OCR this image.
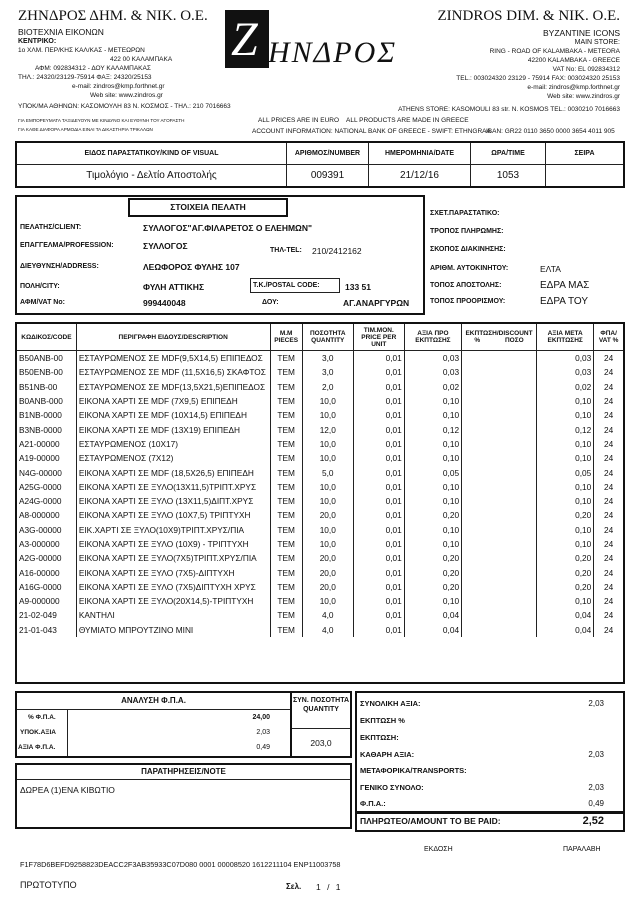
ΖΗΝΔΡΟΣ ΔΗΜ. & ΝΙΚ. Ο.Ε.
ΒΙΟΤΕΧΝΙΑ ΕΙΚΟΝΩΝ
ΚΕΝΤΡΙΚΟ:
1ο ΧΛΜ. ΠΕΡ/ΚΗΣ ΚΑΛ/ΚΑΣ - ΜΕΤΕΩΡΩΝ
422 00 ΚΑΛΑΜΠΑΚΑ
ΑΦΜ: 092834312 - ΔΟΥ ΚΑΛΑΜΠΑΚΑΣ
ΤΗΛ.: 24320/23129-75914 ΦΑΞ: 24320/25153
e-mail: zindros@kmp.forthnet.gr
Web site: www.zindros.gr
ΥΠΟΚ/ΜΑ ΑΘΗΝΩΝ: ΚΑΣΟΜΟΥΛΗ 83 Ν. ΚΟΣΜΟΣ - ΤΗΛ.: 210 7016663
ΓΙΑ ΕΜΠΟΡΕΥΜΑΤΑ ΤΑΞΙΔΕΥΟΥΝ ΜΕ ΚΙΝΔΥΝΟ ΚΑΙ ΕΥΘΥΝΗ ΤΟΥ ΑΓΟΡΑΣΤΗ
ΓΙΑ ΚΑΘΕ ΔΙΑΦΟΡΑ ΑΡΜΟΔΙΑ ΕΙΝΑΙ ΤΑ ΔΙΚΑΣΤΗΡΙΑ ΤΡΙΚΑΛΩΝ
Ζ ΗΝΔΡΟΣ
ZINDROS DIM. & NIK. O.E.
BYZANTINE ICONS
MAIN STORE:
RING - ROAD OF KALAMBAKA - METEORA
42200 KALAMBAKA - GREECE
VAT No: EL 092834312
TEL.: 003024320 23129 - 75914 FAX: 003024320 25153
e-mail: zindros@kmp.forthnet.gr
Web site: www.zindros.gr
ATHENS STORE: KASOMOULI 83 str. N. KOSMOS TEL.: 0030210 7016663
ALL PRICES ARE IN EURO ALL PRODUCTS ARE MADE IN GREECE
ACCOUNT INFORMATION: NATIONAL BANK OF GREECE - SWIFT: ETHNGRAA
IBAN: GR22 0110 3650 0000 3654 4011 905
ΕΙΔΟΣ ΠΑΡΑΣΤΑΤΙΚΟΥ/KIND OF VISUAL	ΑΡΙΘΜΟΣ/NUMBER	ΗΜΕΡΟΜΗΝΙΑ/DATE	ΩΡΑ/TIME	ΣΕΙΡΑ
Τιμολόγιο - Δελτίο Αποστολής	009391	21/12/16	1053
ΣΤΟΙΧΕΙΑ ΠΕΛΑΤΗ
ΠΕΛΑΤΗΣ/CLIENT:	ΣΥΛΛΟΓΟΣ"ΑΓ.ΦΙΛΑΡΕΤΟΣ Ο ΕΛΕΗΜΩΝ"
ΕΠΑΓΓΕΛΜΑ/PROFESSION:	ΣΥΛΛΟΓΟΣ	ΤΗΛ-TEL: 210/2412162
ΔΙΕΥΘΥΝΣΗ/ADDRESS:	ΛΕΩΦΟΡΟΣ ΦΥΛΗΣ 107
ΠΟΛΗ/CITY:	ΦΥΛΗ ΑΤΤΙΚΗΣ	Τ.Κ./POSTAL CODE:	133 51
ΑΦΜ/VAT No:	999440048	ΔΟΥ:	ΑΓ.ΑΝΑΡΓΥΡΩΝ
ΣΧΕΤ.ΠΑΡΑΣΤΑΤΙΚΟ:
ΤΡΟΠΟΣ ΠΛΗΡΩΜΗΣ:
ΣΚΟΠΟΣ ΔΙΑΚΙΝΗΣΗΣ:
ΑΡΙΘΜ. ΑΥΤΟΚΙΝΗΤΟΥ:	ΕΛΤΑ
ΤΟΠΟΣ ΑΠΟΣΤΟΛΗΣ:	ΕΔΡΑ ΜΑΣ
ΤΟΠΟΣ ΠΡΟΟΡΙΣΜΟΥ:	ΕΔΡΑ ΤΟΥ
ΚΩΔΙΚΟΣ/CODE	ΠΕΡΙΓΡΑΦΗ ΕΙΔΟΥΣ/DESCRIPTION	Μ.Μ PIECES	ΠΟΣΟΤΗΤΑ QUANTITY	ΤΙΜ.ΜΟΝ. PRICE PER UNIT	ΑΞΙΑ ΠΡΟ ΕΚΠΤΩΣΗΣ	ΕΚΠΤΩΣΗ/DISCOUNT
% ΠΟΣΟ		ΑΞΙΑ ΜΕΤΑ ΕΚΠΤΩΣΗΣ	ΦΠΑ/ VAT %
B50ANB-00	ΕΣΤΑΥΡΩΜΕΝΟΣ ΣΕ MDF(9,5Χ14,5) ΕΠΙΠΕΔΟΣ	TEM	3,0	0,01	0,03			0,03	24
B50ENB-00	ΕΣΤΑΥΡΩΜΕΝΟΣ ΣΕ MDF (11,5Χ16,5) ΣΚΑΦΤΟΣ	TEM	3,0	0,01	0,03			0,03	24
B51NB-00	ΕΣΤΑΥΡΩΜΕΝΟΣ ΣΕ MDF(13,5Χ21,5)ΕΠΙΠΕΔΟΣ	TEM	2,0	0,01	0,02			0,02	24
B0ANB-000	ΕΙΚΟΝΑ ΧΑΡΤΙ ΣΕ MDF (7Χ9,5) ΕΠΙΠΕΔΗ	TEM	10,0	0,01	0,10			0,10	24
B1NB-0000	ΕΙΚΟΝΑ ΧΑΡΤΙ ΣΕ MDF (10Χ14,5) ΕΠΙΠΕΔΗ	TEM	10,0	0,01	0,10			0,10	24
B3NB-0000	ΕΙΚΟΝΑ ΧΑΡΤΙ ΣΕ MDF (13Χ19) ΕΠΙΠΕΔΗ	TEM	12,0	0,01	0,12			0,12	24
A21-00000	ΕΣΤΑΥΡΩΜΕΝΟΣ (10Χ17)	TEM	10,0	0,01	0,10			0,10	24
A19-00000	ΕΣΤΑΥΡΩΜΕΝΟΣ (7Χ12)	TEM	10,0	0,01	0,10			0,10	24
N4G-00000	ΕΙΚΟΝΑ ΧΑΡΤΙ ΣΕ MDF (18,5Χ26,5) ΕΠΙΠΕΔΗ	TEM	5,0	0,01	0,05			0,05	24
A25G-0000	ΕΙΚΟΝΑ ΧΑΡΤΙ ΣΕ ΞΥΛΟ(13Χ11,5)ΤΡΙΠΤ.ΧΡΥΣ	TEM	10,0	0,01	0,10			0,10	24
A24G-0000	ΕΙΚΟΝΑ ΧΑΡΤΙ ΣΕ ΞΥΛΟ (13Χ11,5)ΔΙΠΤ.ΧΡΥΣ	TEM	10,0	0,01	0,10			0,10	24
A8-000000	ΕΙΚΟΝΑ ΧΑΡΤΙ ΣΕ ΞΥΛΟ (10Χ7,5) ΤΡΙΠΤΥΧΗ	TEM	20,0	0,01	0,20			0,20	24
A3G-00000	ΕΙΚ.ΧΑΡΤΙ ΣΕ ΞΥΛΟ(10Χ9)ΤΡΙΠΤ.ΧΡΥΣ/ΠΙΑ	TEM	10,0	0,01	0,10			0,10	24
A3-000000	ΕΙΚΟΝΑ ΧΑΡΤΙ ΣΕ ΞΥΛΟ (10Χ9) - ΤΡΙΠΤΥΧΗ	TEM	10,0	0,01	0,10			0,10	24
A2G-00000	ΕΙΚΟΝΑ ΧΑΡΤΙ ΣΕ ΞΥΛΟ(7Χ5)ΤΡΙΠΤ.ΧΡΥΣ/ΠΙΑ	TEM	20,0	0,01	0,20			0,20	24
A16-00000	ΕΙΚΟΝΑ ΧΑΡΤΙ ΣΕ ΞΥΛΟ (7Χ5)-ΔΙΠΤΥΧΗ	TEM	20,0	0,01	0,20			0,20	24
A16G-0000	ΕΙΚΟΝΑ ΧΑΡΤΙ ΣΕ ΞΥΛΟ (7Χ5)ΔΙΠΤΥΧΗ ΧΡΥΣ	TEM	20,0	0,01	0,20			0,20	24
A9-000000	ΕΙΚΟΝΑ ΧΑΡΤΙ ΣΕ ΞΥΛΟ(20Χ14,5)-ΤΡΙΠΤΥΧΗ	TEM	10,0	0,01	0,10			0,10	24
21-02-049	ΚΑΝΤΗΛΙ	TEM	4,0	0,01	0,04			0,04	24
21-01-043	ΘΥΜΙΑΤΟ ΜΠΡΟΥΤΖΙΝΟ MINI	TEM	4,0	0,01	0,04			0,04	24
ΑΝΑΛΥΣΗ Φ.Π.Α.
% Φ.Π.Α.	24,00
ΥΠΟΚ.ΑΞΙΑ	2,03
ΑΞΙΑ Φ.Π.Α.	0,49
ΣΥΝ. ΠΟΣΟΤΗΤΑ QUANTITY
203,0
ΠΑΡΑΤΗΡΗΣΕΙΣ/NOTE
ΔΩΡΕΑ (1)ΕΝΑ ΚΙΒΩΤΙΟ
ΣΥΝΟΛΙΚΗ ΑΞΙΑ:	2,03
ΕΚΠΤΩΣΗ %
ΕΚΠΤΩΣΗ:
ΚΑΘΑΡΗ ΑΞΙΑ:	2,03
ΜΕΤΑΦΟΡΙΚΑ/TRANSPORTS:
ΓΕΝΙΚΟ ΣΥΝΟΛΟ:	2,03
Φ.Π.Α.:	0,49
ΠΛΗΡΩΤΕΟ/AMOUNT TO BE PAID:	2,52
ΕΚΔΟΣΗ	ΠΑΡΑΛΑΒΗ
F1F78D6BEFD9258823DEACC2F3AB35933C07D080 0001 00008520 1612211104 ENP11003758
ΠΡΩΤΟΤΥΠΟ	Σελ. 1 / 1
